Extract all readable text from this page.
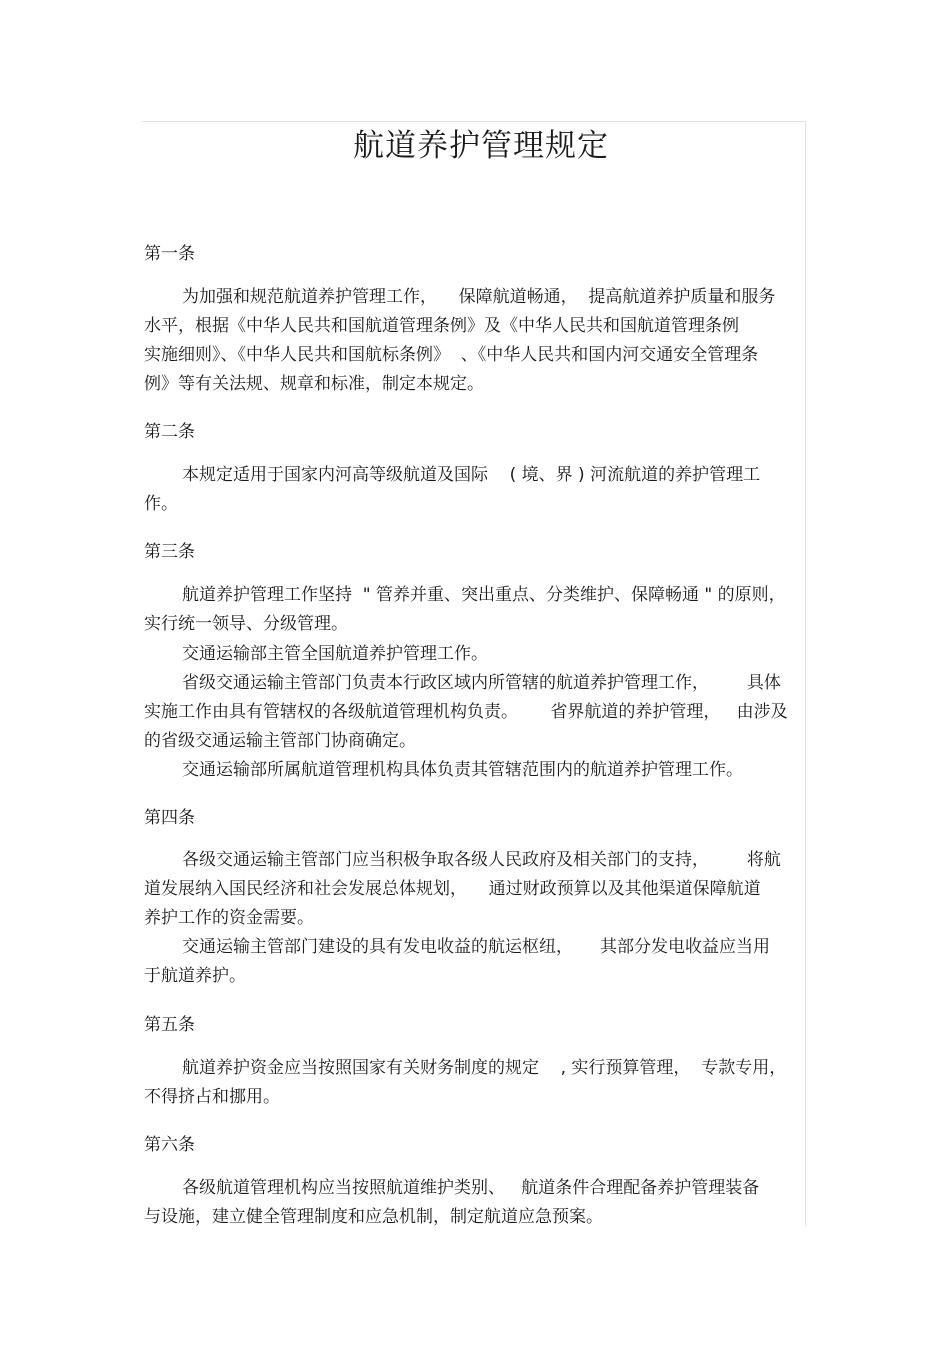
航道养护管理规定
第一条

为加强和规范航道养护管理工作，    保障航道畅通，  提高航道养护质量和服务

水平，根据《中华人民共和国航道管理条例》及《中华人民共和国航道管理条例

实施细则》、《中华人民共和国航标条例》  、《中华人民共和国内河交通安全管理条

例》等有关法规、规章和标准，制定本规定。

第二条

本规定适用于国家内河高等级航道及国际    ( 境、界 ) 河流航道的养护管理工

作。

第三条

航道养护管理工作坚持  " 管养并重、突出重点、分类维护、保障畅通 " 的原则，

实行统一领导、分级管理。

交通运输部主管全国航道养护管理工作。

省级交通运输主管部门负责本行政区域内所管辖的航道养护管理工作，       具体

实施工作由具有管辖权的各级航道管理机构负责。      省界航道的养护管理，   由涉及

的省级交通运输主管部门协商确定。

交通运输部所属航道管理机构具体负责其管辖范围内的航道养护管理工作。

第四条

各级交通运输主管部门应当积极争取各级人民政府及相关部门的支持，       将航

道发展纳入国民经济和社会发展总体规划，    通过财政预算以及其他渠道保障航道

养护工作的资金需要。

交通运输主管部门建设的具有发电收益的航运枢纽，     其部分发电收益应当用

于航道养护。

第五条

航道养护资金应当按照国家有关财务制度的规定    , 实行预算管理，  专款专用，

不得挤占和挪用。

第六条

各级航道管理机构应当按照航道维护类别、   航道条件合理配备养护管理装备

与设施，建立健全管理制度和应急机制，制定航道应急预案。
